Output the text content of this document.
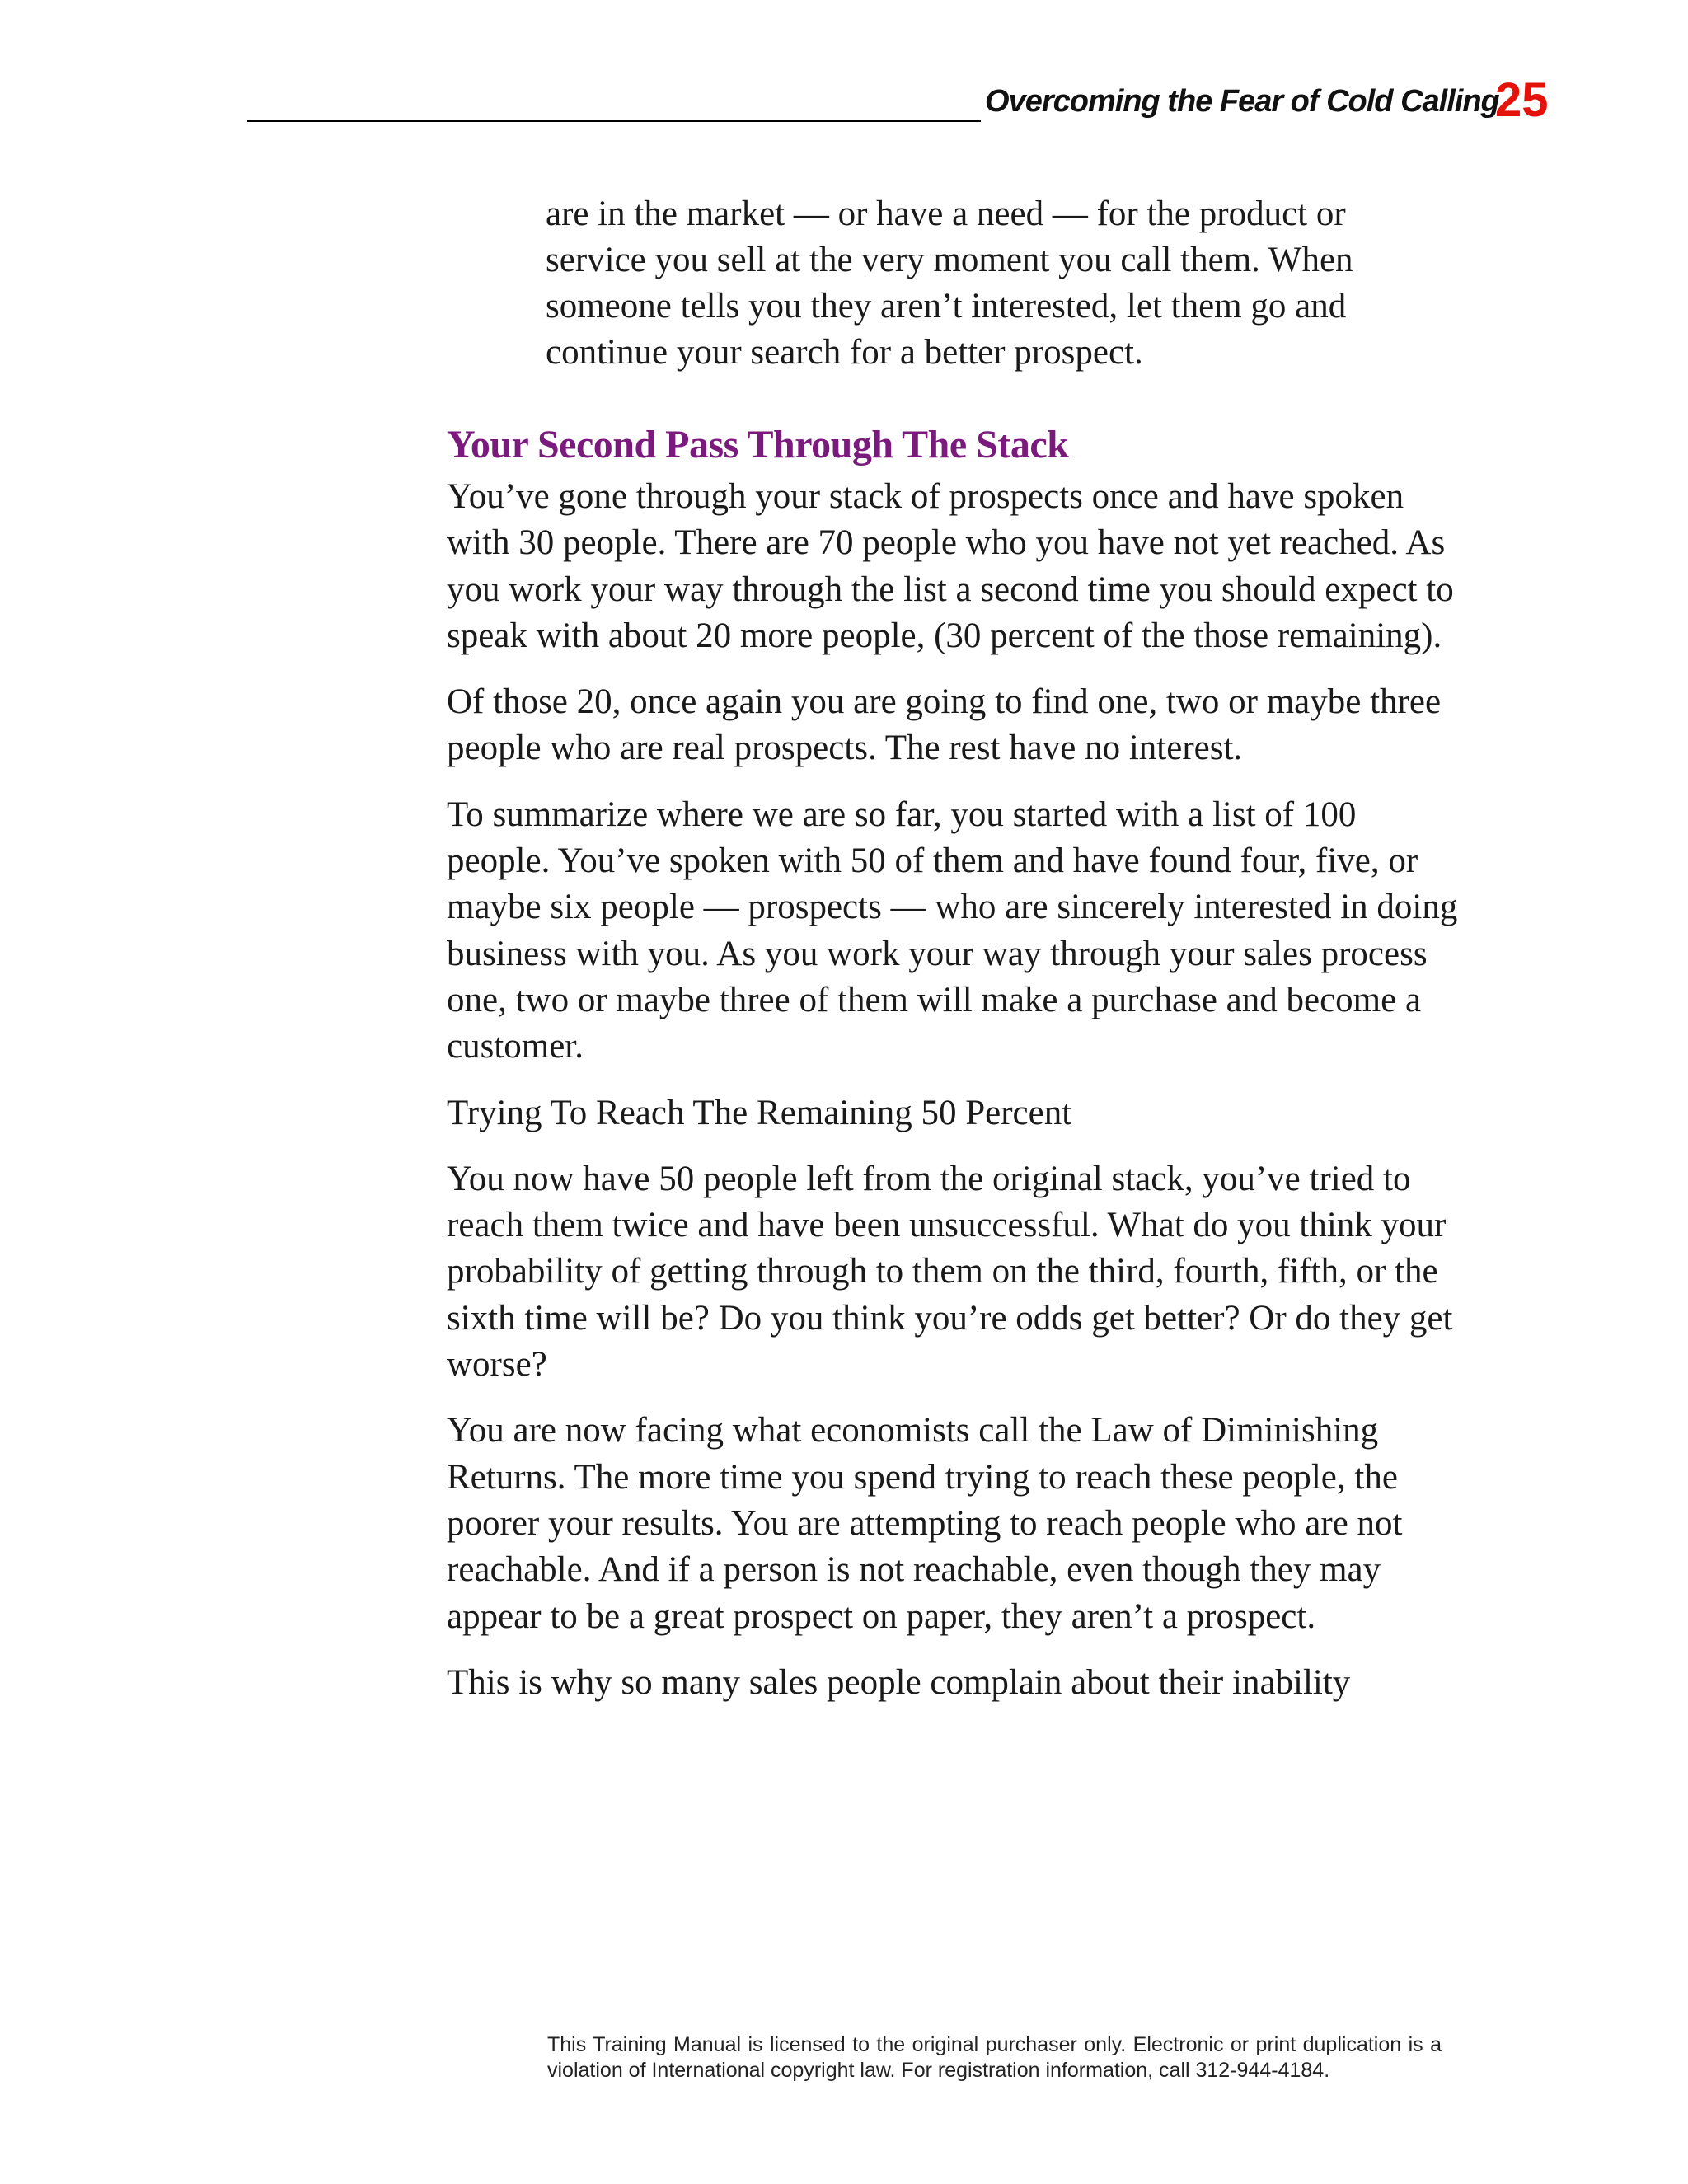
Overcoming the Fear of Cold Calling
25

are in the market — or have a need — for the product or service you sell at the very moment you call them. When someone tells you they aren’t interested, let them go and continue your search for a better prospect.

Your Second Pass Through The Stack

You’ve gone through your stack of prospects once and have spoken with 30 people. There are 70 people who you have not yet reached. As you work your way through the list a second time you should expect to speak with about 20 more people, (30 percent of the those remaining).

Of those 20, once again you are going to find one, two or maybe three people who are real prospects. The rest have no interest.

To summarize where we are so far, you started with a list of 100 people. You’ve spoken with 50 of them and have found four, five, or maybe six people — prospects — who are sincerely interested in doing business with you. As you work your way through your sales process one, two or maybe three of them will make a purchase and become a customer.

Trying To Reach The Remaining 50 Percent

You now have 50 people left from the original stack, you’ve tried to reach them twice and have been unsuccessful. What do you think your probability of getting through to them on the third, fourth, fifth, or the sixth time will be? Do you think you’re odds get better? Or do they get worse?

You are now facing what economists call the Law of Diminishing Returns. The more time you spend trying to reach these people, the poorer your results. You are attempting to reach people who are not reachable. And if a person is not reachable, even though they may appear to be a great prospect on paper, they aren’t a prospect.

This is why so many sales people complain about their inability

This Training Manual is licensed to the original purchaser only. Electronic or print duplication is a violation of International copyright law. For registration information, call 312-944-4184.
